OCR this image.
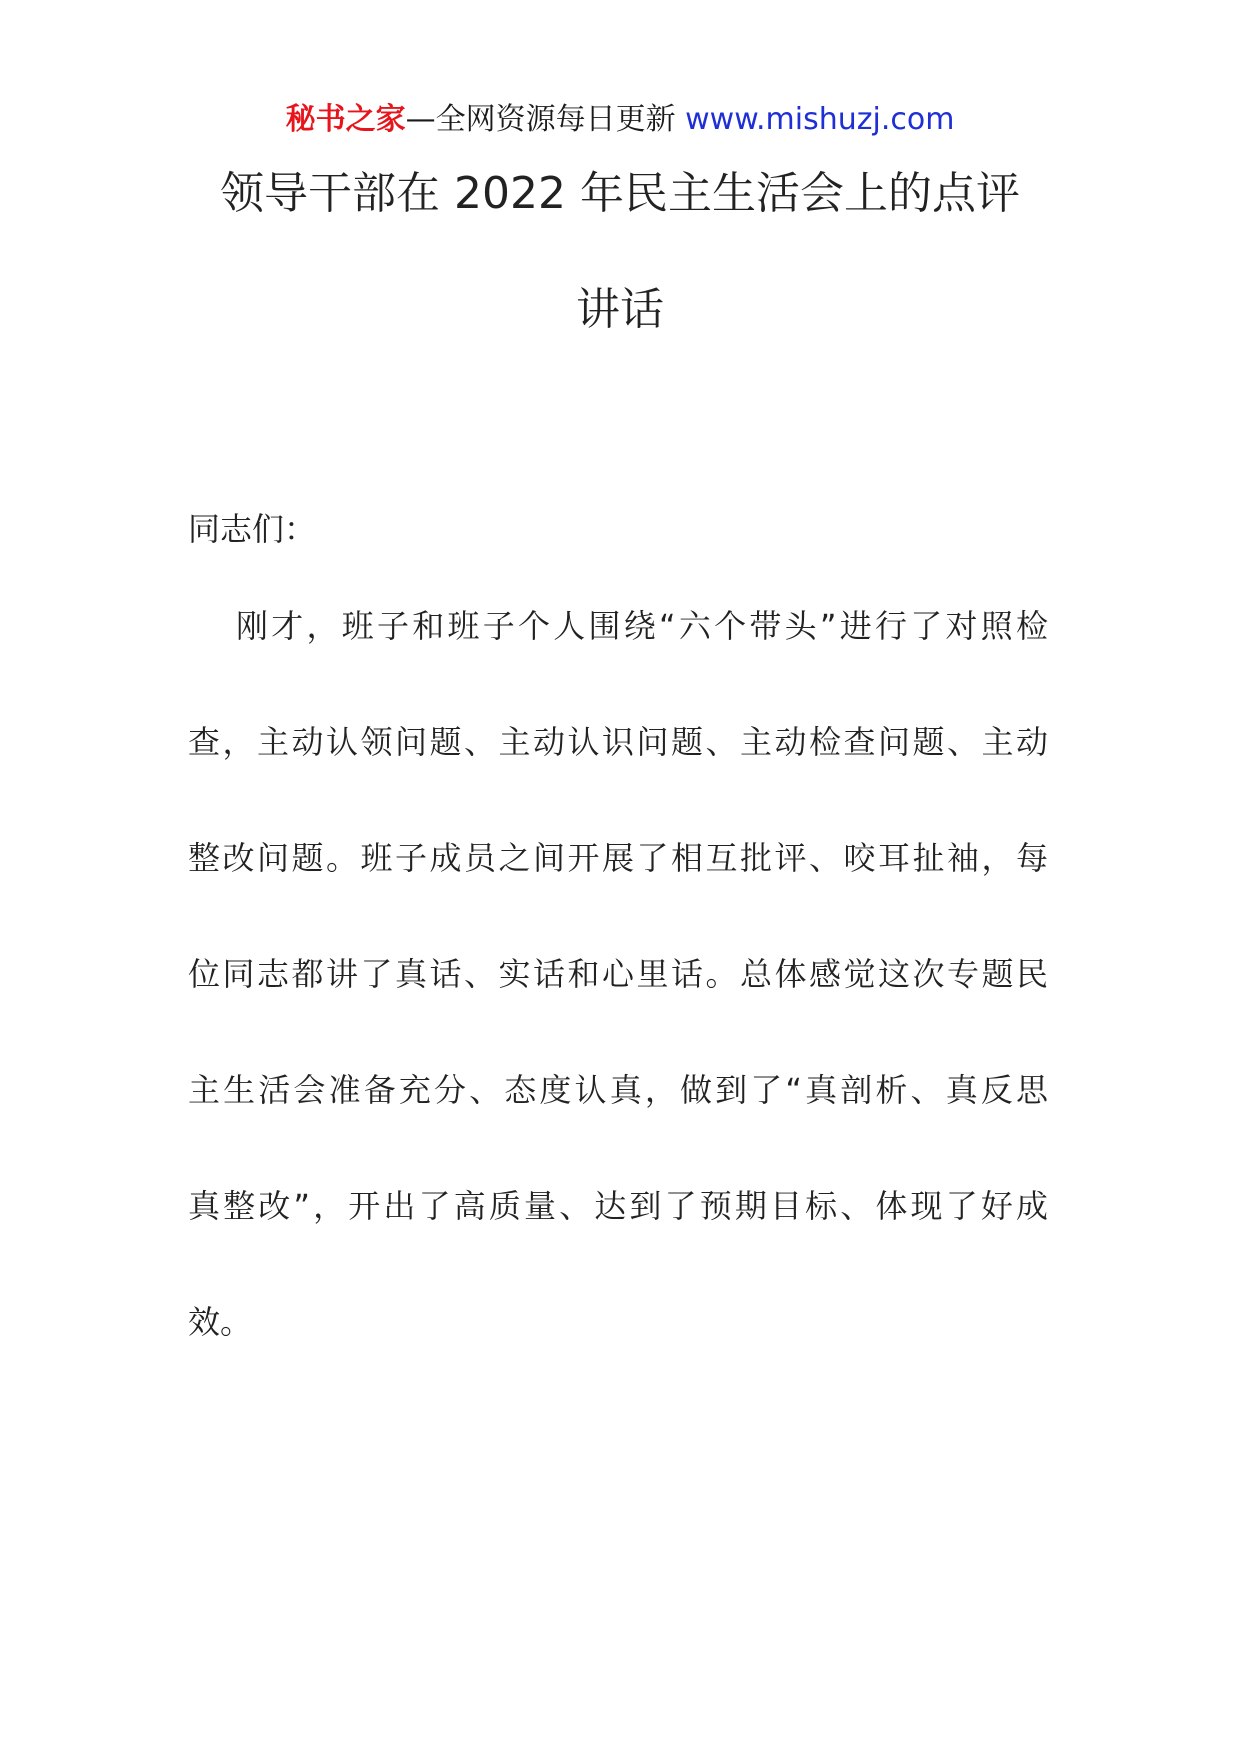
秘书之家—全网资源每日更新 www.mishuzj.com
领导干部在 2022 年民主生活会上的点评
讲话
同志们：
刚才，班子和班子个人围绕“六个带头”进行了对照检
查，主动认领问题、主动认识问题、主动检查问题、主动
整改问题。班子成员之间开展了相互批评、咬耳扯袖，每
位同志都讲了真话、实话和心里话。总体感觉这次专题民
主生活会准备充分、态度认真，做到了“真剖析、真反思
真整改”，开出了高质量、达到了预期目标、体现了好成
效。
